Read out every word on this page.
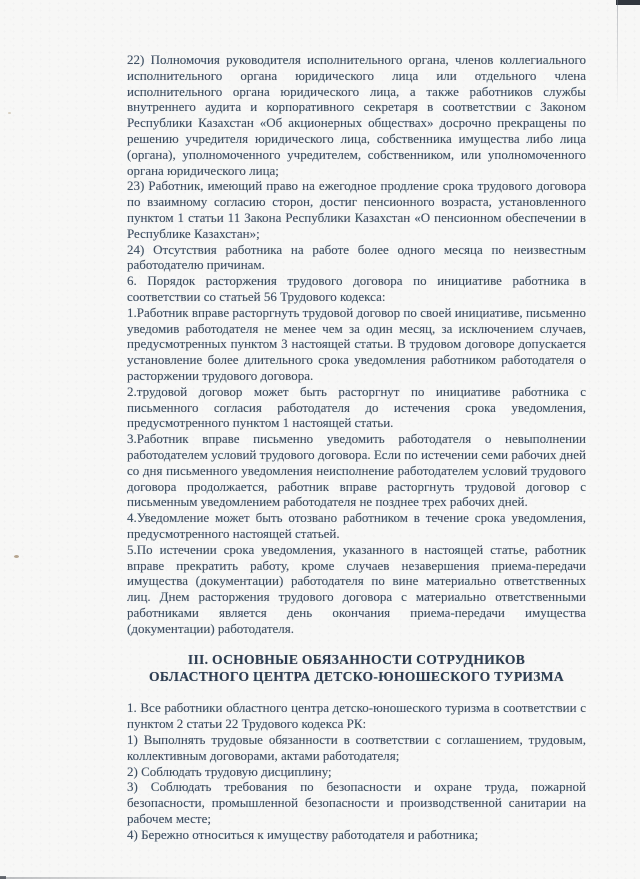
22) Полномочия руководителя исполнительного органа, членов коллегиального исполнительного органа юридического лица или отдельного члена исполнительного органа юридического лица, а также работников службы внутреннего аудита и корпоративного секретаря в соответствии с Законом Республики Казахстан «Об акционерных обществах» досрочно прекращены по решению учредителя юридического лица, собственника имущества либо лица (органа), уполномоченного учредителем, собственником, или уполномоченного органа юридического лица;

23) Работник, имеющий право на ежегодное продление срока трудового договора по взаимному согласию сторон, достиг пенсионного возраста, установленного пунктом 1 статьи 11 Закона Республики Казахстан «О пенсионном обеспечении в Республике Казахстан»;

24) Отсутствия работника на работе более одного месяца по неизвестным работодателю причинам.

6. Порядок расторжения трудового договора по инициативе работника в соответствии со статьей 56 Трудового кодекса:

1.Работник вправе расторгнуть трудовой договор по своей инициативе, письменно уведомив работодателя не менее чем за один месяц, за исключением случаев, предусмотренных пунктом 3 настоящей статьи. В трудовом договоре допускается установление более длительного срока уведомления работником работодателя о расторжении трудового договора.

2.трудовой договор может быть расторгнут по инициативе работника с письменного согласия работодателя до истечения срока уведомления, предусмотренного пунктом 1 настоящей статьи.

3.Работник вправе письменно уведомить работодателя о невыполнении работодателем условий трудового договора. Если по истечении семи рабочих дней со дня письменного уведомления неисполнение работодателем условий трудового договора продолжается, работник вправе расторгнуть трудовой договор с письменным уведомлением работодателя не позднее трех рабочих дней.

4.Уведомление может быть отозвано работником в течение срока уведомления, предусмотренного настоящей статьей.

5.По истечении срока уведомления, указанного в настоящей статье, работник вправе прекратить работу, кроме случаев незавершения приема-передачи имущества (документации) работодателя по вине материально ответственных лиц. Днем расторжения трудового договора с материально ответственными работниками является день окончания приема-передачи имущества (документации) работодателя.

III. ОСНОВНЫЕ ОБЯЗАННОСТИ СОТРУДНИКОВ
ОБЛАСТНОГО ЦЕНТРА ДЕТСКО-ЮНОШЕСКОГО ТУРИЗМА

1. Все работники областного центра детско-юношеского туризма в соответствии с пунктом 2 статьи 22 Трудового кодекса РК:

1) Выполнять трудовые обязанности в соответствии с соглашением, трудовым, коллективным договорами, актами работодателя;

2) Соблюдать трудовую дисциплину;

3) Соблюдать требования по безопасности и охране труда, пожарной безопасности, промышленной безопасности и производственной санитарии на рабочем месте;

4) Бережно относиться к имуществу работодателя и работника;
